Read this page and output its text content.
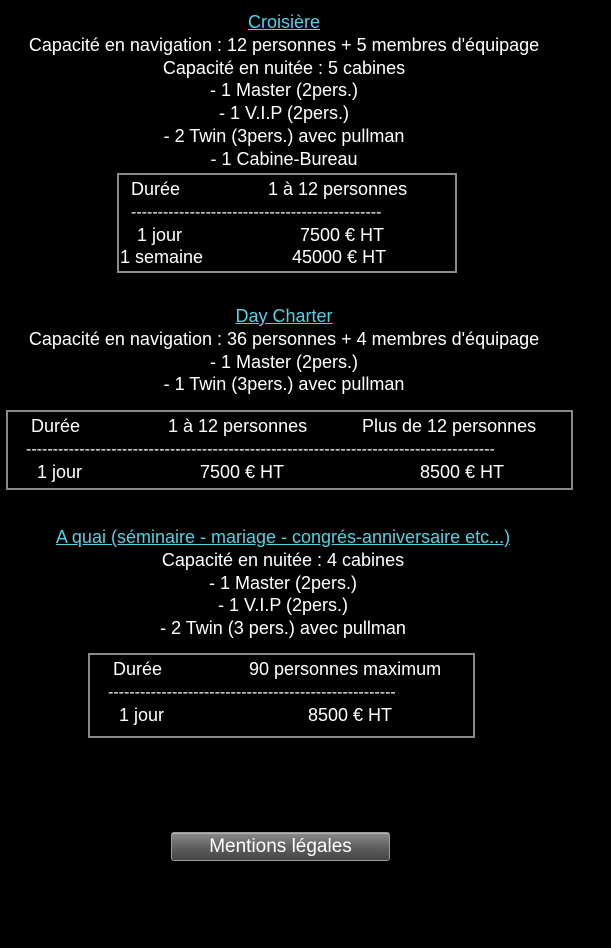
Croisière
Capacité en navigation : 12 personnes + 5 membres d'équipage
Capacité en nuitée : 5 cabines
- 1 Master (2pers.)
- 1 V.I.P (2pers.)
- 2 Twin (3pers.) avec pullman
- 1 Cabine-Bureau
Durée	1 à 12 personnes
-----------------------------------------------
1 jour	7500 € HT
1 semaine	45000 € HT
Day Charter
Capacité en navigation : 36 personnes + 4 membres d'équipage
- 1 Master (2pers.)
- 1 Twin (3pers.) avec pullman
Durée	1 à 12 personnes	Plus de 12 personnes
----------------------------------------------------------------------------------------
1 jour	7500 € HT	8500 € HT
A quai (séminaire - mariage - congrés-anniversaire etc...)
Capacité en nuitée : 4 cabines
- 1 Master (2pers.)
- 1 V.I.P (2pers.)
- 2 Twin (3 pers.) avec pullman
Durée	90 personnes maximum
------------------------------------------------------
1 jour	8500 € HT
Mentions légales
